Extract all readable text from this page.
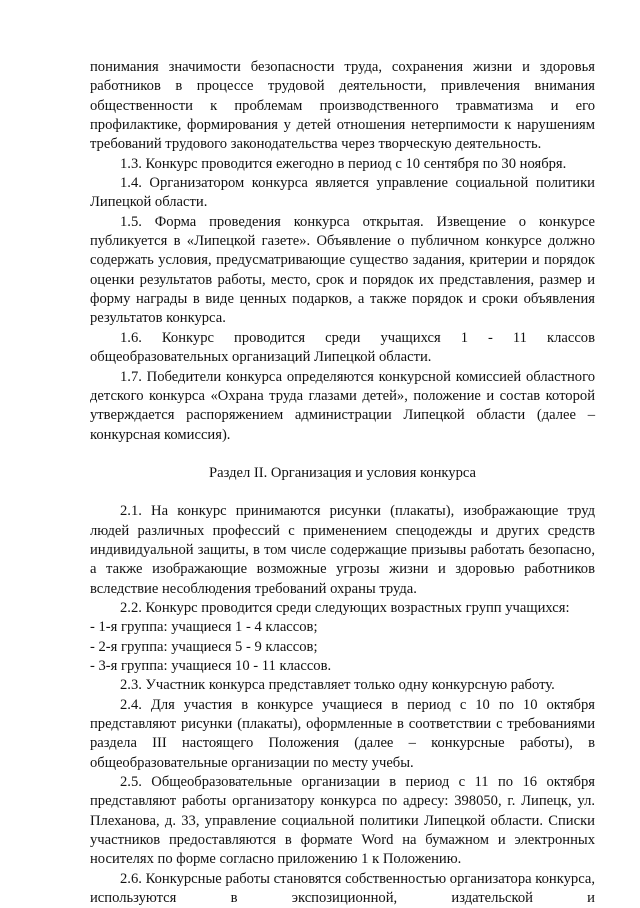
понимания значимости безопасности труда, сохранения жизни и здоровья работников в процессе трудовой деятельности, привлечения внимания общественности к проблемам производственного травматизма и его профилактике, формирования у детей отношения нетерпимости к нарушениям требований трудового законодательства через творческую деятельность.

1.3. Конкурс проводится ежегодно в период с 10 сентября по 30 ноября.

1.4. Организатором конкурса является управление социальной политики Липецкой области.

1.5. Форма проведения конкурса открытая. Извещение о конкурсе публикуется в «Липецкой газете». Объявление о публичном конкурсе должно содержать условия, предусматривающие существо задания, критерии и порядок оценки результатов работы, место, срок и порядок их представления, размер и форму награды в виде ценных подарков, а также порядок и сроки объявления результатов конкурса.

1.6. Конкурс проводится среди учащихся 1 - 11 классов общеобразовательных организаций Липецкой области.

1.7. Победители конкурса определяются конкурсной комиссией областного детского конкурса «Охрана труда глазами детей», положение и состав которой утверждается распоряжением администрации Липецкой области (далее – конкурсная комиссия).

Раздел II. Организация и условия конкурса

2.1. На конкурс принимаются рисунки (плакаты), изображающие труд людей различных профессий с применением спецодежды и других средств индивидуальной защиты, в том числе содержащие призывы работать безопасно, а также изображающие возможные угрозы жизни и здоровью работников вследствие несоблюдения требований охраны труда.

2.2. Конкурс проводится среди следующих возрастных групп учащихся:

- 1-я группа: учащиеся 1 - 4 классов;

- 2-я группа: учащиеся 5 - 9 классов;

- 3-я группа: учащиеся 10 - 11 классов.

2.3. Участник конкурса представляет только одну конкурсную работу.

2.4. Для участия в конкурсе учащиеся в период с 10 по 10 октября представляют рисунки (плакаты), оформленные в соответствии с требованиями раздела III настоящего Положения (далее – конкурсные работы), в общеобразовательные организации по месту учебы.

2.5. Общеобразовательные организации в период с 11 по 16 октября представляют работы организатору конкурса по адресу: 398050, г. Липецк, ул. Плеханова, д. 33, управление социальной политики Липецкой области. Списки участников предоставляются в формате Word на бумажном и электронных носителях по форме согласно приложению 1 к Положению.

2.6. Конкурсные работы становятся собственностью организатора конкурса, используются в экспозиционной, издательской и
